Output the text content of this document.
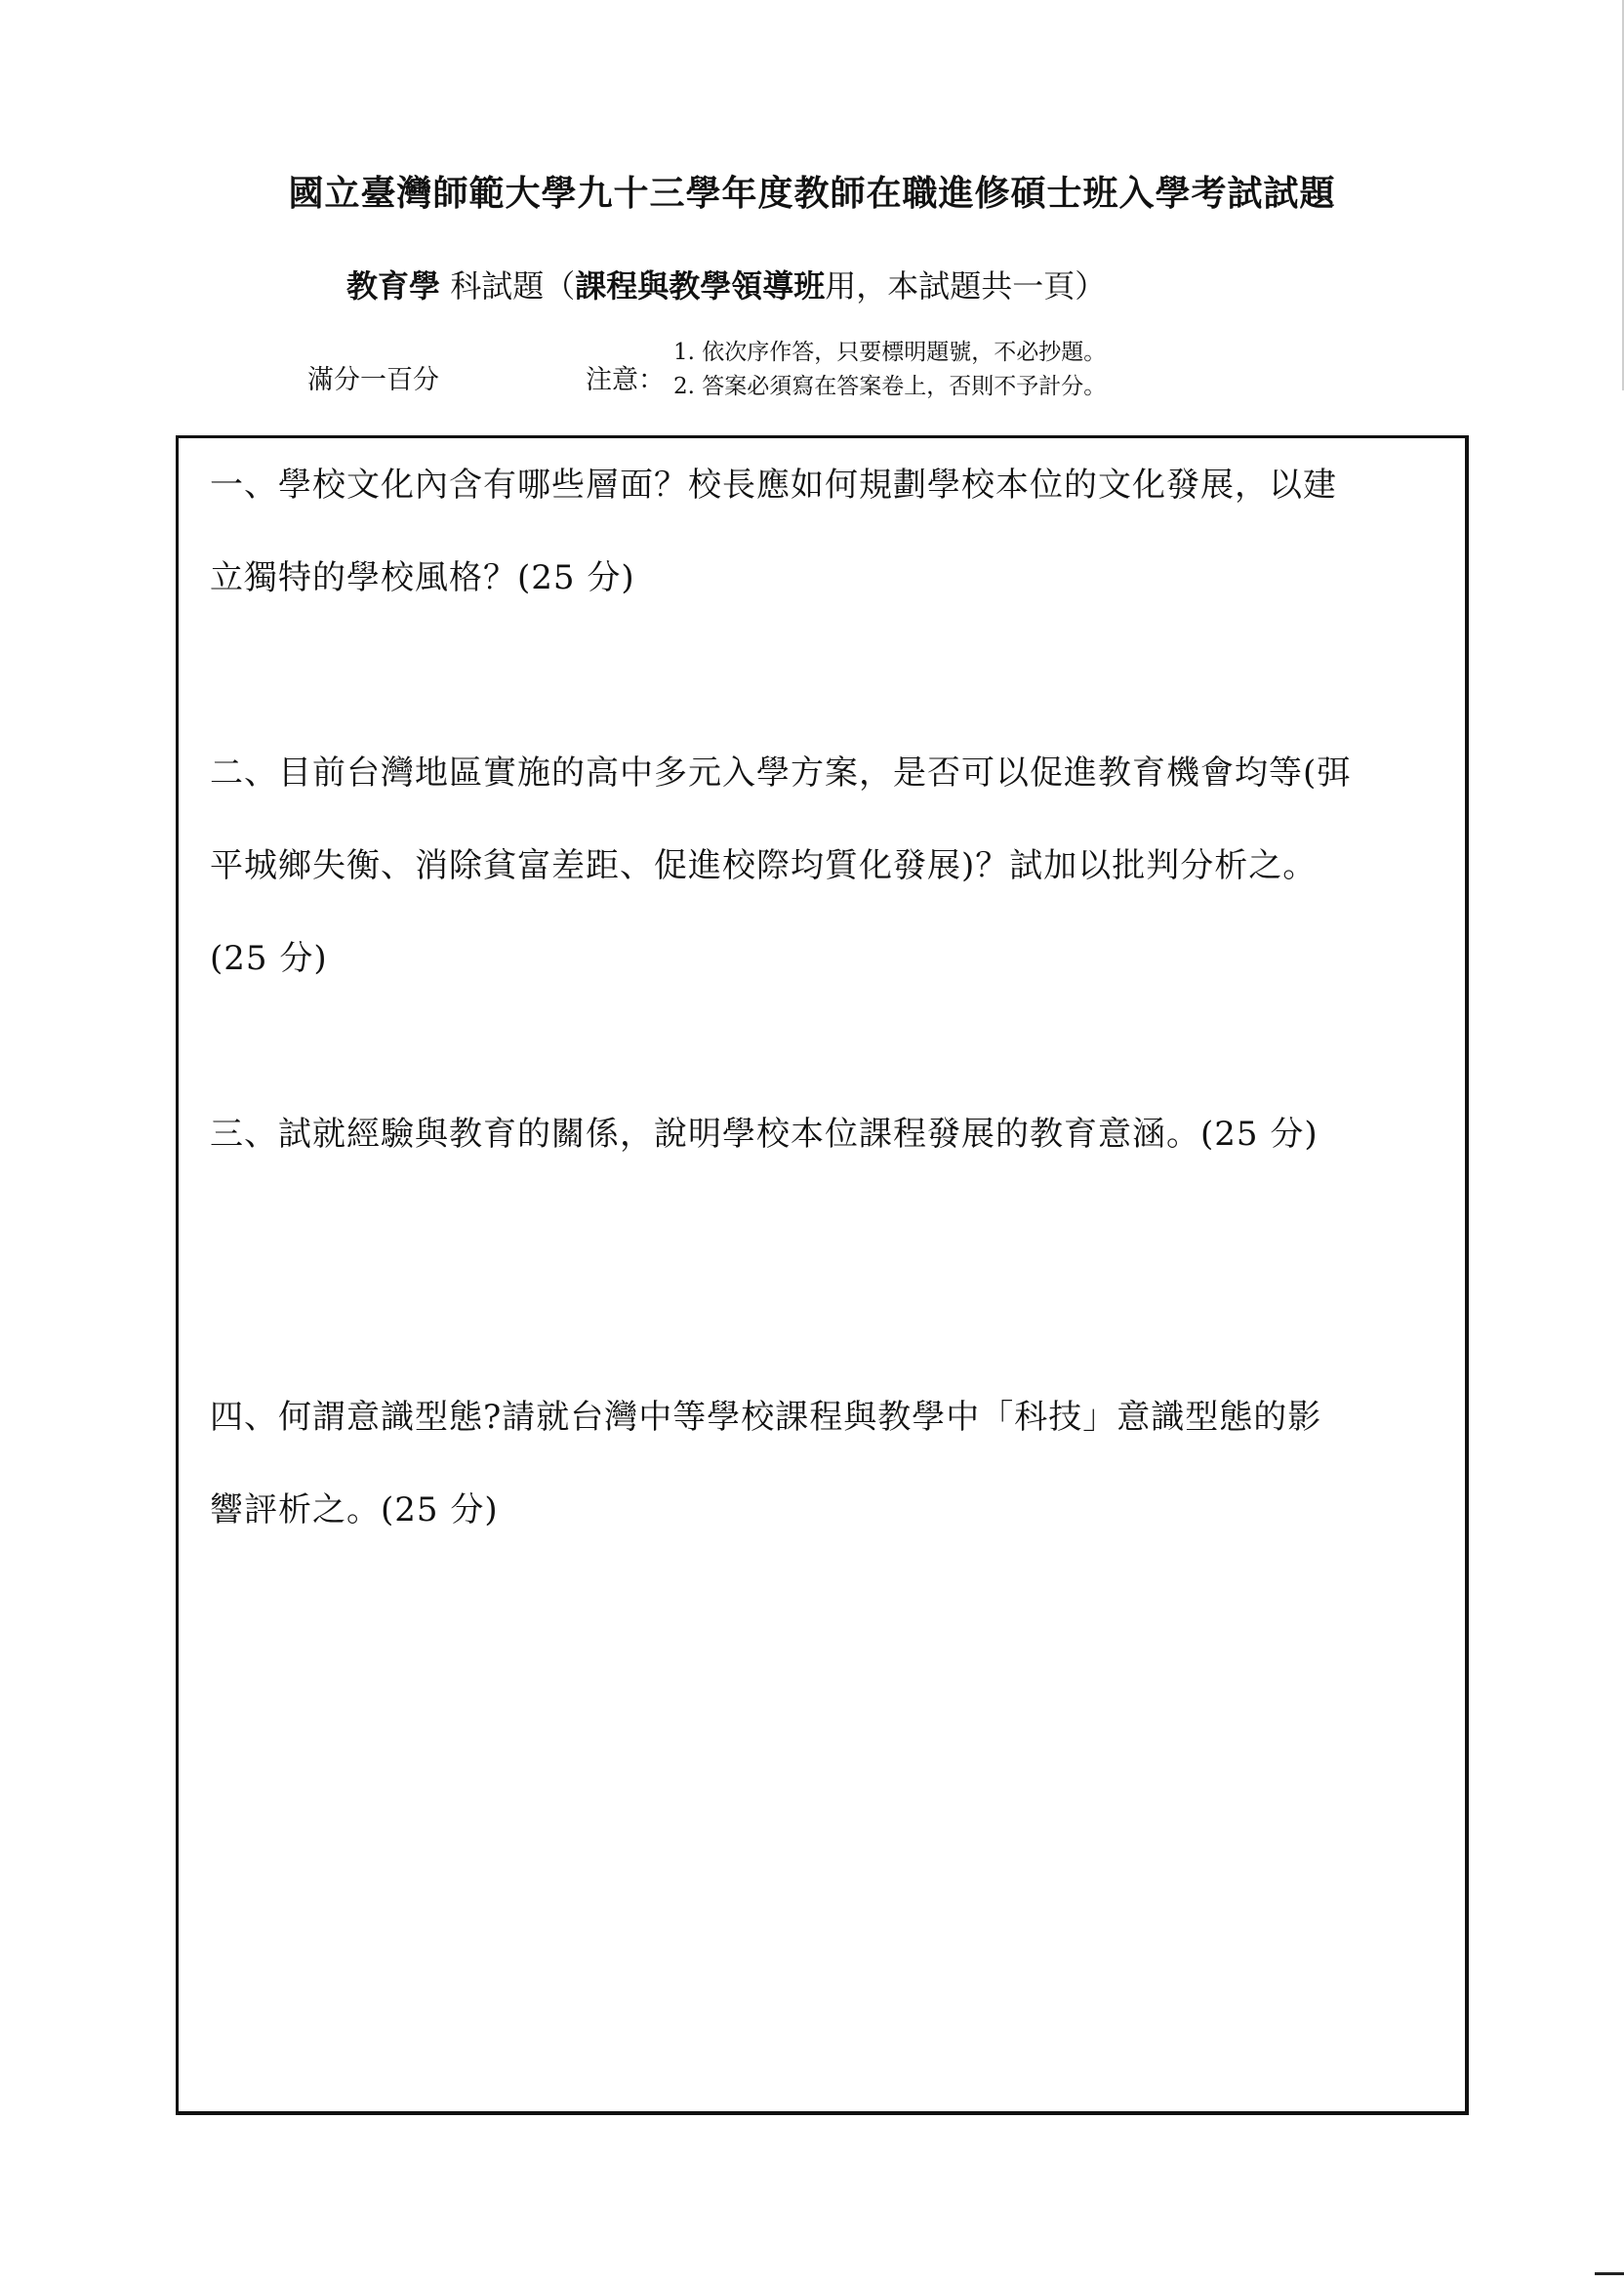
國立臺灣師範大學九十三學年度教師在職進修碩士班入學考試試題
教育學 科試題（課程與教學領導班用，本試題共一頁）
滿分一百分	注意：
1. 依次序作答，只要標明題號，不必抄題。
2. 答案必須寫在答案卷上，否則不予計分。
一、學校文化內含有哪些層面？校長應如何規劃學校本位的文化發展，以建立獨特的學校風格？(25 分)
二、目前台灣地區實施的高中多元入學方案，是否可以促進教育機會均等(弭平城鄉失衡、消除貧富差距、促進校際均質化發展)？試加以批判分析之。(25 分)
三、試就經驗與教育的關係，說明學校本位課程發展的教育意涵。(25 分)
四、何謂意識型態?請就台灣中等學校課程與教學中「科技」意識型態的影響評析之。(25 分)
